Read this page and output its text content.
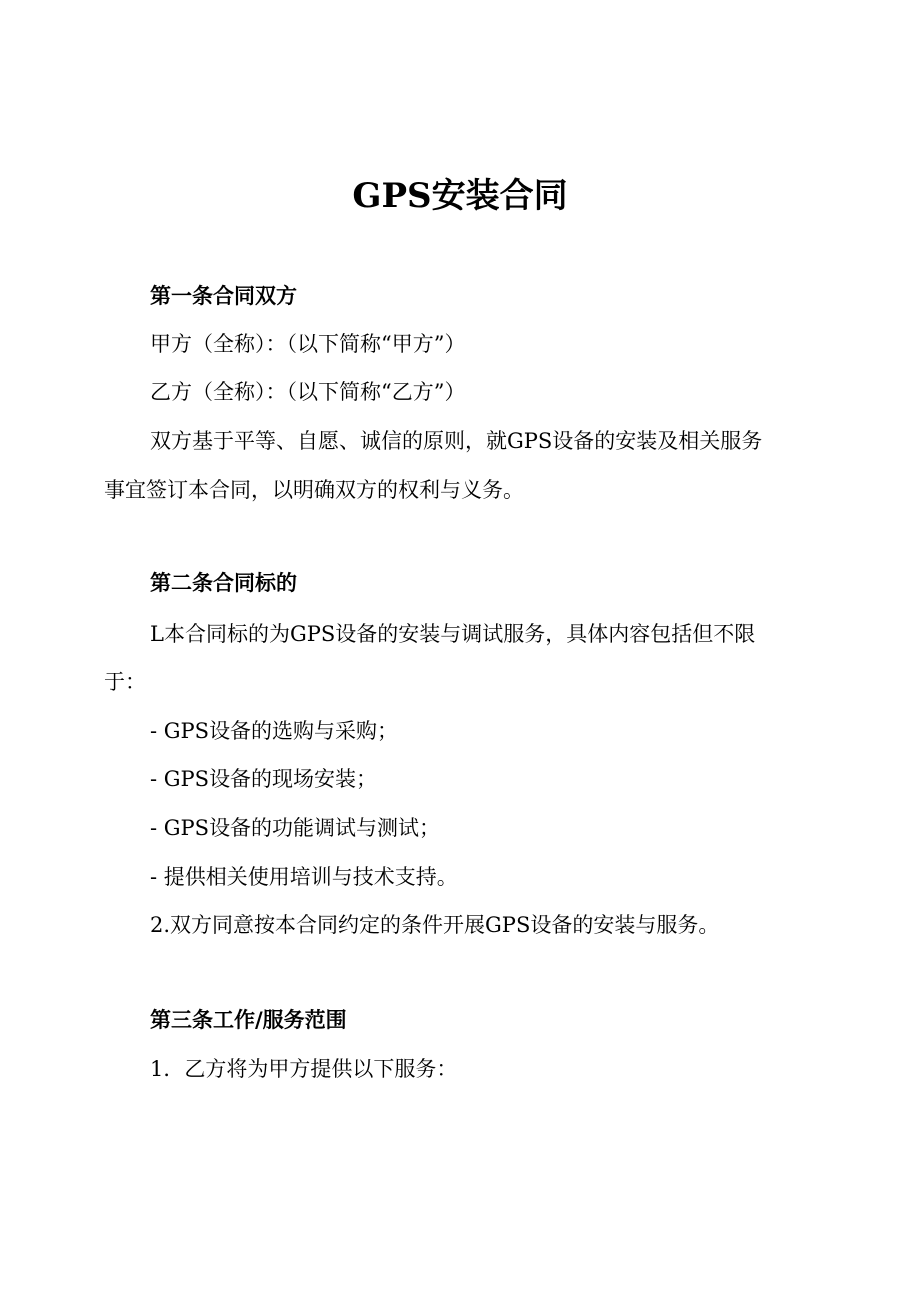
GPS安装合同
第一条合同双方
甲方（全称）：（以下简称“甲方”）
乙方（全称）：（以下简称“乙方”）
双方基于平等、自愿、诚信的原则，就GPS设备的安装及相关服务
事宜签订本合同，以明确双方的权利与义务。
第二条合同标的
L本合同标的为GPS设备的安装与调试服务，具体内容包括但不限
于：
- GPS设备的选购与采购；
- GPS设备的现场安装；
- GPS设备的功能调试与测试；
- 提供相关使用培训与技术支持。
2.双方同意按本合同约定的条件开展GPS设备的安装与服务。
第三条工作/服务范围
1．乙方将为甲方提供以下服务：
